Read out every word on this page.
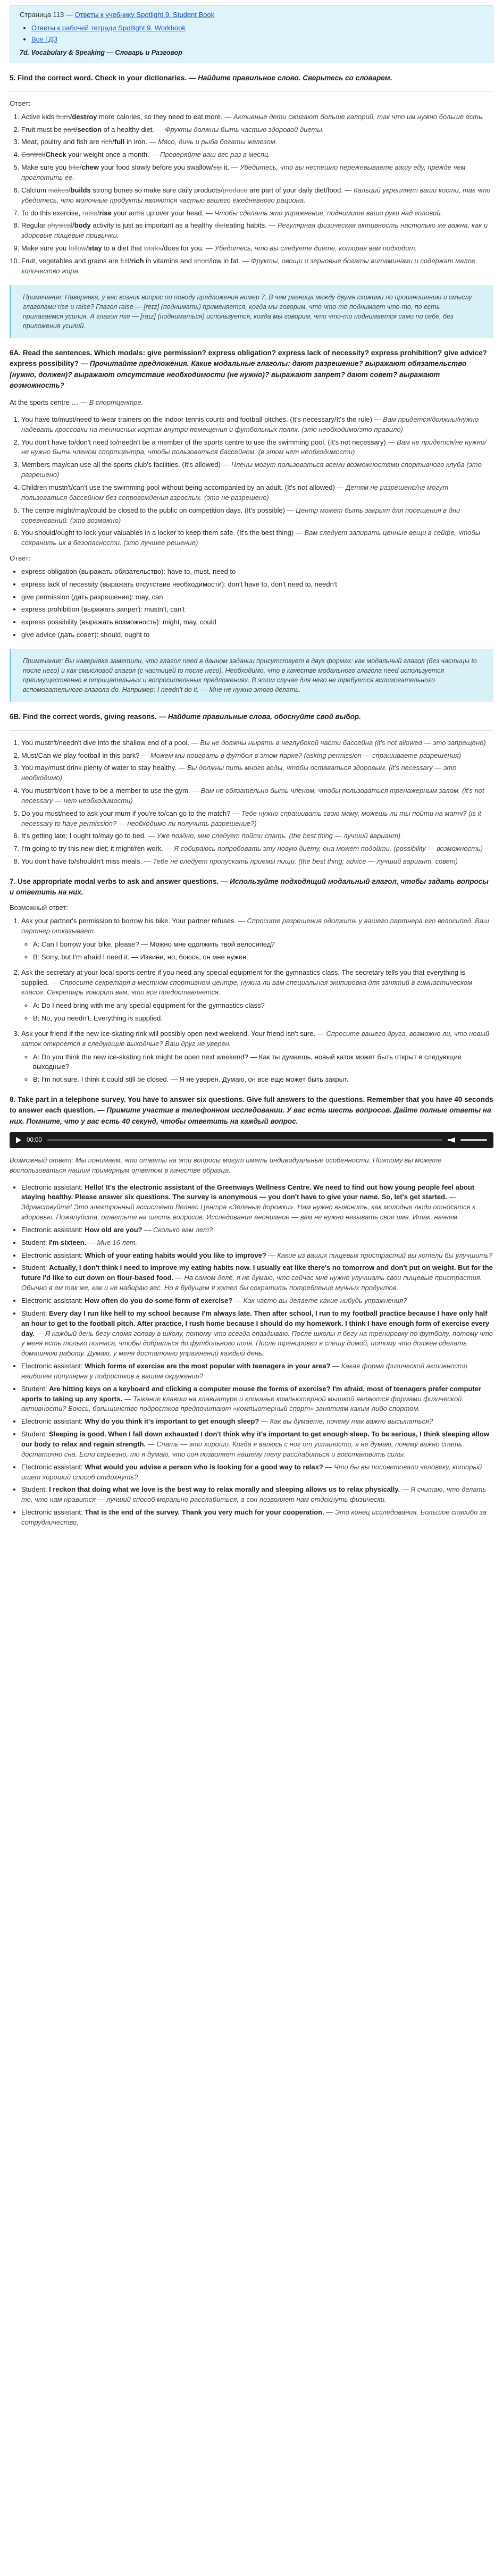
Страница 113 — Ответы к учебнику Spotlight 9. Student Book
• Ответы к рабочей тетради Spotlight 9. Workbook
• Все ГДЗ
7d. Vocabulary & Speaking — Словарь и Разговор
5. Find the correct word. Check in your dictionaries. — Найдите правильное слово. Сверьтесь со словарем.
Ответ:
1. Active kids burn/destroy more calories, so they need to eat more. — Активные дети сжигают больше калорий, так что им нужно больше есть.
2. Fruit must be part/section of a healthy diet. — Фрукты должны быть частью здоровой диеты.
3. Meat, poultry and fish are rich/full in iron. — Мясо, дичь и рыба богаты железом.
4. Control/Check your weight once a month. — Проверяйте ваш вес раз в месяц.
5. Make sure you bite/chew your food slowly before you swallow/sip it. — Убедитесь, что вы неспешно пережевываете вашу еду, прежде чем проглотить ее.
6. Calcium makes/builds strong bones so make sure daily products/produce are part of your daily diet/food. — Кальций укрепляет ваши кости, так что убедитесь, что молочные продукты являются частью вашего ежедневного рациона.
7. To do this exercise, raise/rise your arms up over your head. — Чтобы сделать это упражнение, поднимите ваши руки над головой.
8. Regular physical/body activity is just as important as a healthy dieteating habits. — Регулярная физическая активность настолько же важна, как и здоровые пищевые привычки.
9. Make sure you follow/stay to a diet that works/does for you. — Убедитесь, что вы следуете диете, которая вам подходит.
10. Fruit, vegetables and grains are full/rich in vitamins and short/low in fat. — Фрукты, овощи и зерновые богаты витаминами и содержат малое количество жира.
Примечание: Наверняка, у вас возник вопрос по поводу предложения номер 7. В чем разница между двумя схожими по произношению и смыслу глаголами rise и raise? Глагол raise — [reɪz] (поднимать) применяется, когда мы говорим, что что-то поднимает что-то, по есть прилагаемся усилия. А глагол rise — [raɪz] (подниматься) используется, когда мы говорим, что что-то поднимается само по себе, без приложения усилий.
6A. Read the sentences. Which modals: give permission? express obligation? express lack of necessity? express prohibition? give advice? express possibility? — Прочитайте предложения. Какие модальные глаголы: дают разрешение? выражают обязательство (нужно, должен)? выражают отсутствие необходимости (не нужно)? выражают запрет? дают совет? выражают возможность?

At the sports centre … — В спортцентре.

1. You have to/must/need to wear trainers on the indoor tennis courts and football pitches. (It's necessary/It's the rule) — Вам придется/должны/нужно надевать кроссовки на теннисных кортах внутри помещения и футбольных полях. (это необходимо/это правило)
2. You don't have to/don't need to/needn't be a member of the sports centre to use the swimming pool. (It's not necessary) — Вам не придется/не нужно/не нужно быть членом спортцентра, чтобы пользоваться бассейном. (в этом нет необходимости)
3. Members may/can use all the sports club's facilities. (It's allowed) — Члены могут пользоваться всеми возможностями спортивного клуба (это разрешено)
4. Children mustn't/can't use the swimming pool without being accompanied by an adult. (It's not allowed) — Детям не разрешено/не могут пользоваться бассейном без сопровождения взрослых. (это не разрешено)
5. The centre might/may/could be closed to the public on competition days. (It's possible) — Центр может быть закрыт для посещения в дни соревнований. (это возможно)
6. You should/ought to lock your valuables in a locker to keep them safe. (It's the best thing) — Вам следует запирать ценные вещи в сейфе, чтобы сохранить их в безопасности. (это лучшее решение)
Ответ:
• express obligation (выражать обязательство): have to, must, need to
• express lack of necessity (выражать отсутствие необходимости): don't have to, don't need to, needn't
• give permission (дать разрешение): may, can
• express prohibition (выражать запрет): mustn't, can't
• express possibility (выражать возможность): might, may, could
• give advice (дать совет): should, ought to
Примечание: Вы наверняка заметили, что глагол need в данном задании присутствует в двух формах: как модальный глагол (без частицы to после него) и как смысловой глагол (с частицей to после него). Необходимо, что в качестве модального глагола need используется преимущественно в отрицательных и вопросительных предложениях. В этом случае для него не требуется вспомогательного вспомогательного глагола do. Например: I needn't do it. — Мне не нужно этого делать.
6B. Find the correct words, giving reasons. — Найдите правильные слова, обоснуйте свой выбор.
1. You mustn't/needn't dive into the shallow end of a pool. — Вы не должны нырять в неглубокой части бассейна (it's not allowed — это запрещено)
2. Must/Can we play football in this park? — Можем мы поиграть в футбол в этом парке? (asking permission — спрашиваете разрешения)
3. You may/must drink plenty of water to stay healthy. — Вы должны пить много воды, чтобы оставаться здоровым. (it's necessary — это необходимо)
4. You mustn't/don't have to be a member to use the gym. — Вам не обязательно быть членом, чтобы пользоваться тренажерным залом. (it's not necessary — нет необходимости)
5. Do you must/need to ask your mum if you're to/can go to the match? — Тебе нужно спрашивать свою маму, можешь ли ты пойти на матч? (is it necessary to have permission? — необходимо ли получить разрешение?)
6. It's getting late; I ought to/may go to bed. — Уже поздно, мне следует пойти спать. (the best thing — лучший вариант)
7. I'm going to try this new diet; it might/ren work. — Я собираюсь попробовать эту новую диету, она может подойти. (possibility — возможность)
8. You don't have to/shouldn't miss meals. — Тебе не следует пропускать приемы пищи. (the best thing; advice — лучший вариант, совет)
7. Use appropriate modal verbs to ask and answer questions. — Используйте подходящий модальный глагол, чтобы задать вопросы и ответить на них.
Возможный ответ:
1. Ask your partner's permission to borrow his bike. Your partner refuses. — Спросите разрешения одолжить у вашего партнера его велосипед. Ваш партнер отказывает.
◦ A: Can I borrow your bike, please? — Можно мне одолжить твой велосипед?
◦ B: Sorry, but I'm afraid I need it. — Извини, но, боюсь, он мне нужен.
2. Ask the secretary at your local sports centre if you need any special equipment for the gymnastics class. The secretary tells you that everything is supplied. — Спросите секретаря в местном спортивном центре, нужна ли вам специальная экипировка для занятий в гимнастическом классе. Секретарь говорит вам, что все предоставляется.
◦ A: Do I need bring with me any special equipment for the gymnastics class?
◦ B: No, you needn't. Everything is supplied.
3. Ask your friend if the new ice-skating rink will possibly open next weekend. Your friend isn't sure. — Спросите вашего друга, возможно ли, что новый каток откроется в следующие выходные? Ваш друг не уверен.
◦ A: Do you think the new ice-skating rink might be open next weekend? — Как ты думаешь, новый каток может быть открыт в следующие выходные?
◦ B: I'm not sure. I think it could still be closed. — Я не уверен. Думаю, он все еще может быть закрыт.
8. Take part in a telephone survey. You have to answer six questions. Give full answers to the questions. Remember that you have 40 seconds to answer each question. — Примите участие в телефонном исследовании. У вас есть шесть вопросов. Дайте полные ответы на них. Помните, что у вас есть 40 секунд, чтобы ответить на каждый вопрос.
00:00

Возможный ответ: Мы понимаем, что ответы на эти вопросы могут иметь индивидуальные особенности. Поэтому вы можете воспользоваться нашим примерным ответом в качестве образца.

• Electronic assistant: Hello! It's the electronic assistant of the Greenways Wellness Centre. We need to find out how young people feel about staying healthy. Please answer six questions. The survey is anonymous — you don't have to give your name. So, let's get started. — Здравствуйте! Это электронный ассистент Велнес Центра «Зеленые дорожки». Нам нужно выяснить, как молодые люди относятся к здоровью. Пожалуйста, ответьте на шесть вопросов. Исследование анонимное — вам не нужно называть свое имя. Итак, начнем.
• Electronic assistant: How old are you? — Сколько вам лет?
• Student: I'm sixteen. — Мне 16 лет.
• Electronic assistant: Which of your eating habits would you like to improve? — Какие из ваших пищевых пристрастий вы хотели бы улучшить?
• Student: Actually, I don't think I need to improve my eating habits now. I usually eat like there's no tomorrow and don't put on weight. But for the future I'd like to cut down on flour-based food. — На самом деле, я не думаю, что сейчас мне нужно улучшать свои пищевые пристрастия. Обычно я ем так же, как и не набираю вес. Но в будущем я хотел бы сократить потребление мучных продуктов.
• Electronic assistant: How often do you do some form of exercise? — Как часто вы делаете какие-нибудь упражнения?
• Student: Every day I run like hell to my school because I'm always late. Then after school, I run to my football practice because I have only half an hour to get to the football pitch. After practice, I rush home because I should do my homework. I think I have enough form of exercise every day. — Я каждый день бегу сломя голову в школу, потому что всегда опаздываю. После школы я бегу на тренировку по футболу, потому что у меня есть только полчаса, чтобы добраться до футбольного поля. После тренировки я спешу домой, потому что должен сделать домашнюю работу. Думаю, у меня достаточно упражнений каждый день.
• Electronic assistant: Which forms of exercise are the most popular with teenagers in your area? — Какая форма физической активности наиболее популярна у подростков в вашем окружении?
• Student: Are hitting keys on a keyboard and clicking a computer mouse the forms of exercise? I'm afraid, most of teenagers prefer computer sports to taking up any sports. — Тыкание клавиш на клавиатуре и кликанье компьютерной мышкой являются формами физической активности? Боюсь, большинство подростков предпочитают «компьютерный спорт» занятиям каким-либо спортом.
• Electronic assistant: Why do you think it's important to get enough sleep? — Как вы думаете, почему так важно высыпаться?
• Student: Sleeping is good. When I fall down exhausted I don't think why it's important to get enough sleep. To be serious, I think sleeping allow our body to relax and regain strength. — Спать — это хорошо. Когда я валюсь с ног от усталости, я не думаю, почему важно спать достаточно сна. Если серьезно, то я думаю, что сон позволяет нашему телу расслабиться и восстановить силы.
• Electronic assistant: What would you advise a person who is looking for a good way to relax? — Что бы вы посоветовали человеку, который ищет хороший способ отдохнуть?
• Student: I reckon that doing what we love is the best way to relax morally and sleeping allows us to relax physically. — Я считаю, что делать то, что нам нравится — лучший способ морально расслабиться, а сон позволяет нам отдохнуть физически.
• Electronic assistant: That is the end of the survey. Thank you very much for your cooperation. — Это конец исследования. Большое спасибо за сотрудничество.
